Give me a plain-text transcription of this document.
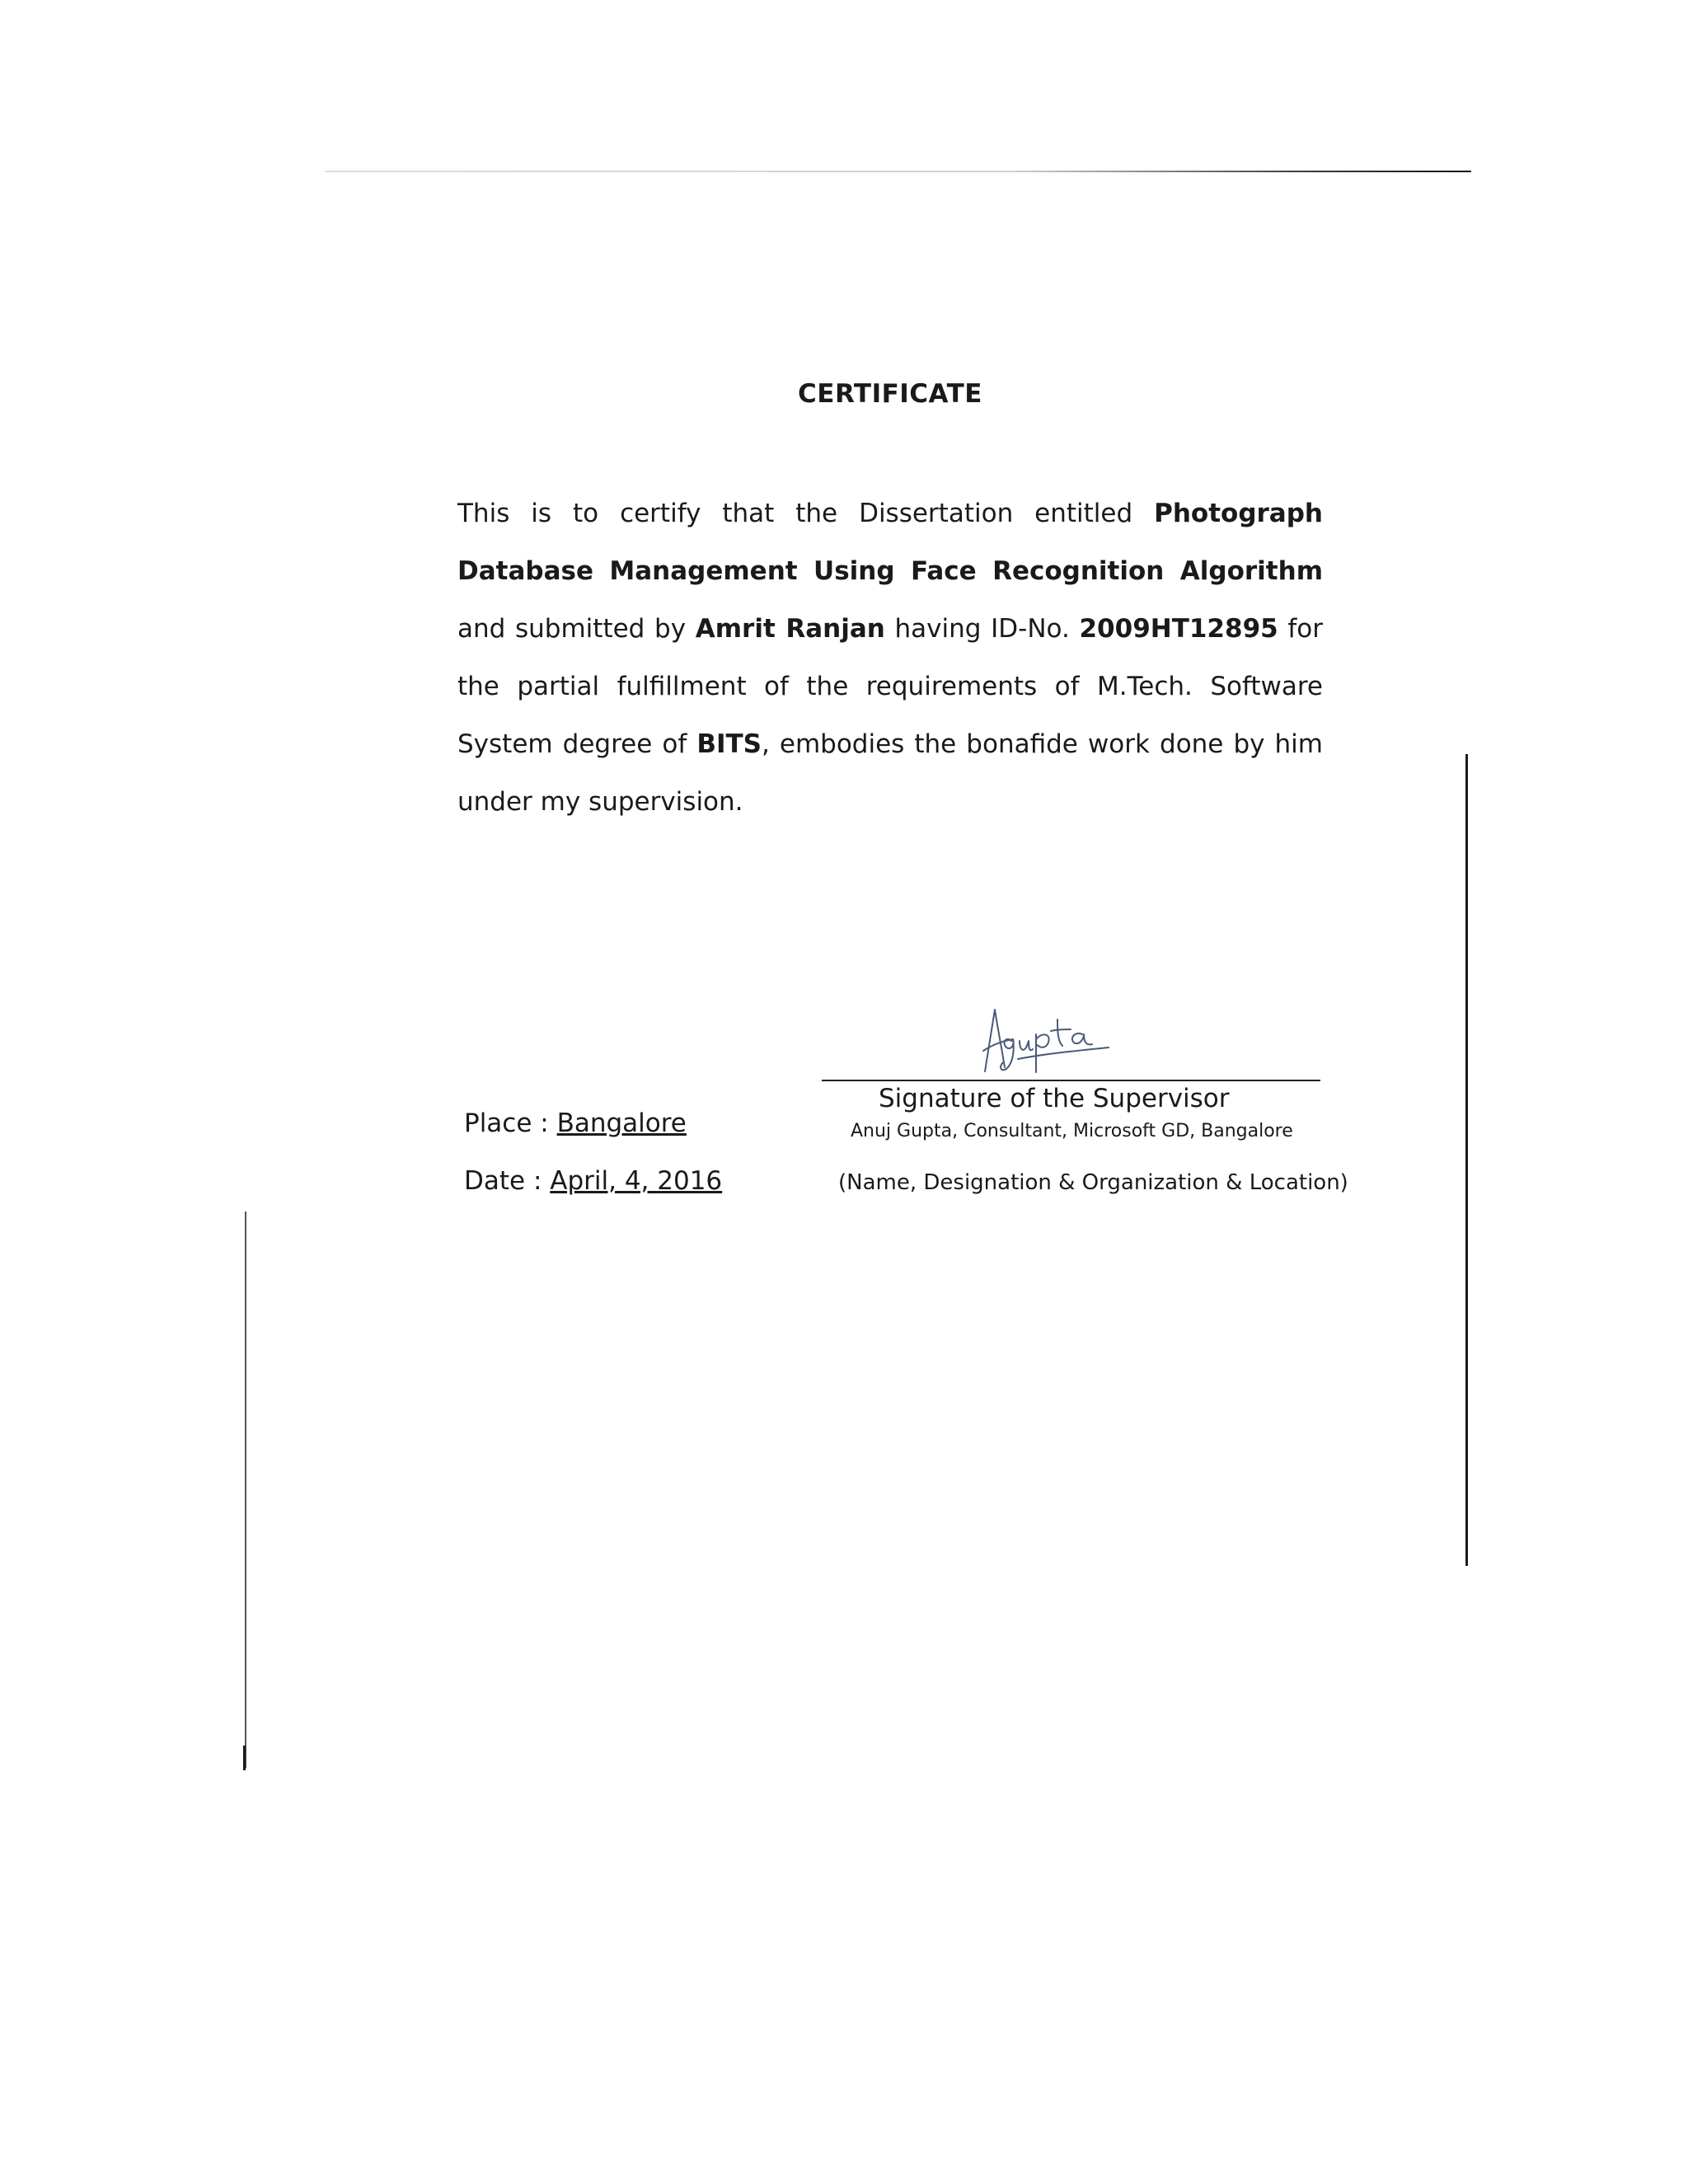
CERTIFICATE

This is to certify that the Dissertation entitled Photograph Database Management Using Face Recognition Algorithm and submitted by Amrit Ranjan having ID-No. 2009HT12895 for the partial fulfillment of the requirements of M.Tech. Software System degree of BITS, embodies the bonafide work done by him under my supervision.

Place : Bangalore

Date : April, 4, 2016

Signature of the Supervisor

Anuj Gupta, Consultant, Microsoft GD, Bangalore

(Name, Designation & Organization & Location)
